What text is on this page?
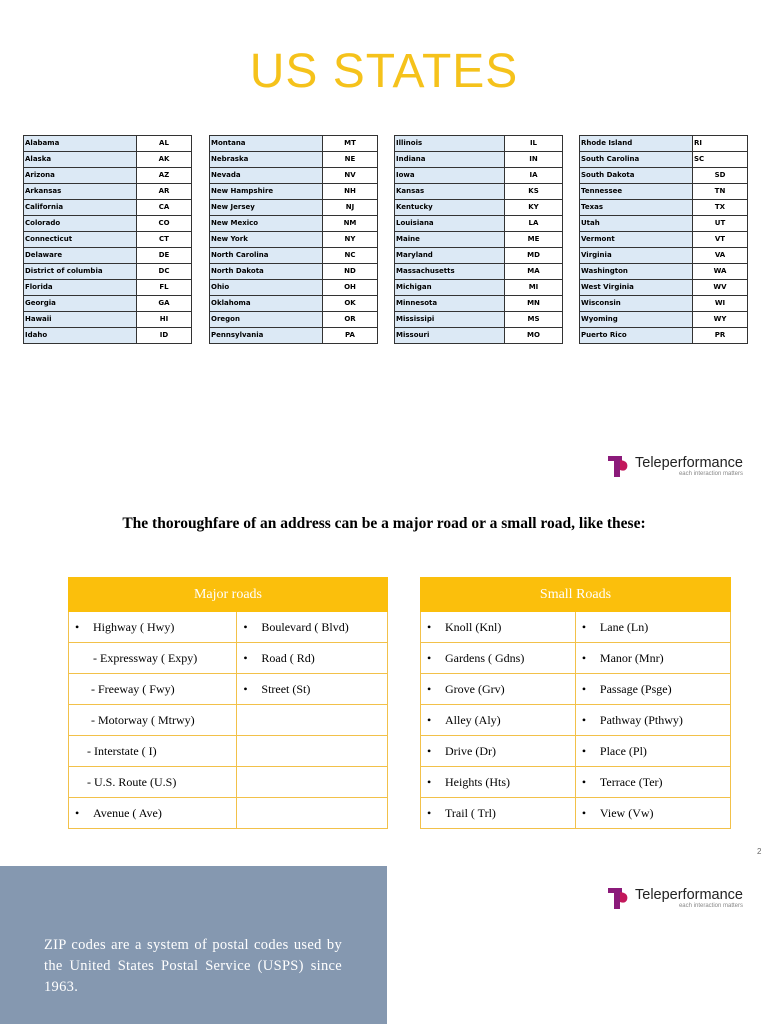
US STATES
Alabama	AL
Alaska	AK
Arizona	AZ
Arkansas	AR
California	CA
Colorado	CO
Connecticut	CT
Delaware	DE
District of columbia	DC
Florida	FL
Georgia	GA
Hawaii	HI
Idaho	ID
Montana	MT
Nebraska	NE
Nevada	NV
New Hampshire	NH
New Jersey	NJ
New Mexico	NM
New York	NY
North Carolina	NC
North Dakota	ND
Ohio	OH
Oklahoma	OK
Oregon	OR
Pennsylvania	PA
Illinois	IL
Indiana	IN
Iowa	IA
Kansas	KS
Kentucky	KY
Louisiana	LA
Maine	ME
Maryland	MD
Massachusetts	MA
Michigan	MI
Minnesota	MN
Mississipi	MS
Missouri	MO
Rhode Island	RI
South Carolina	SC
South Dakota	SD
Tennessee	TN
Texas	TX
Utah	UT
Vermont	VT
Virginia	VA
Washington	WA
West Virginia	WV
Wisconsin	WI
Wyoming	WY
Puerto Rico	PR
Teleperformance
each interaction matters
The thoroughfare of an address can be a major road or a small road, like these:
Major roads	
• Highway ( Hwy)	• Boulevard ( Blvd)
- Expressway ( Expy)	• Road ( Rd)
- Freeway ( Fwy)	• Street (St)
- Motorway ( Mtrwy)	
- Interstate ( I)	
- U.S. Route (U.S)	
• Avenue ( Ave)	
Small Roads	
• Knoll (Knl)	• Lane (Ln)
• Gardens ( Gdns)	• Manor (Mnr)
• Grove (Grv)	• Passage (Psge)
• Alley (Aly)	• Pathway (Pthwy)
• Drive (Dr)	• Place (Pl)
• Heights (Hts)	• Terrace (Ter)
• Trail ( Trl)	• View (Vw)
2
Teleperformance
each interaction matters
ZIP codes are a system of postal codes used by the United States Postal Service (USPS) since 1963.
